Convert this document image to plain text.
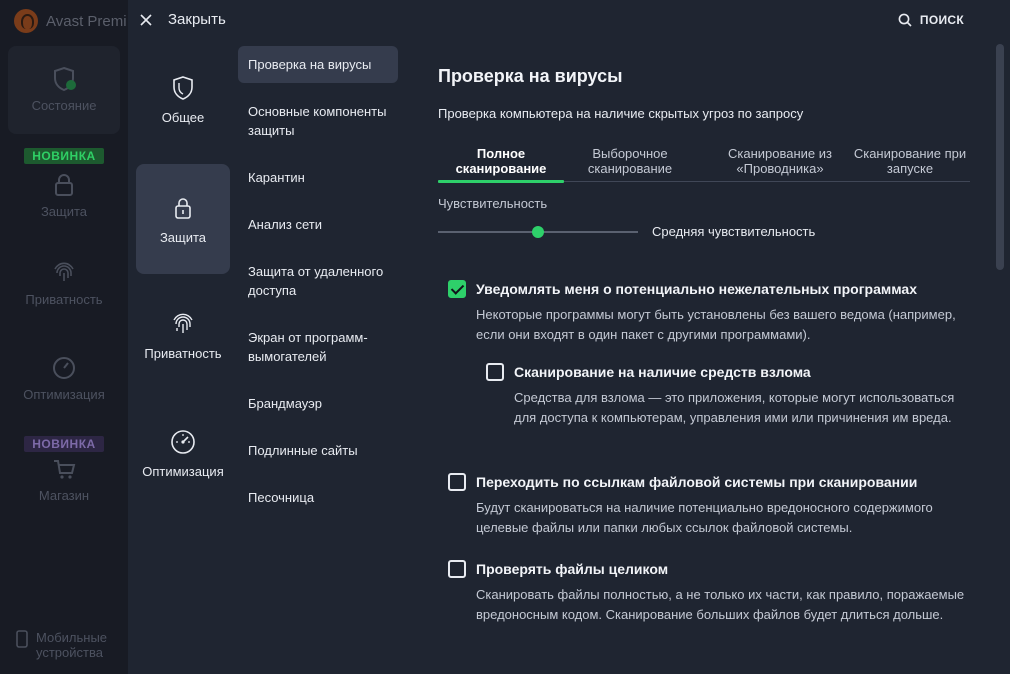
Avast Premi
Состояние
НОВИНКА
Защита
Приватность
Оптимизация
НОВИНКА
Магазин
Мобильные устройства
Закрыть	ПОИСК
Общее
Защита
Приватность
Оптимизация
Проверка на вирусы
Основные компоненты защиты
Карантин
Анализ сети
Защита от удаленного доступа
Экран от программ-вымогателей
Брандмауэр
Подлинные сайты
Песочница
Проверка на вирусы
Проверка компьютера на наличие скрытых угроз по запросу
Полное сканирование
Выборочное сканирование
Сканирование из «Проводника»
Сканирование при запуске
Чувствительность
Средняя чувствительность
Уведомлять меня о потенциально нежелательных программах
Некоторые программы могут быть установлены без вашего ведома (например, если они входят в один пакет с другими программами).
Сканирование на наличие средств взлома
Средства для взлома — это приложения, которые могут использоваться для доступа к компьютерам, управления ими или причинения им вреда.
Переходить по ссылкам файловой системы при сканировании
Будут сканироваться на наличие потенциально вредоносного содержимого целевые файлы или папки любых ссылок файловой системы.
Проверять файлы целиком
Сканировать файлы полностью, а не только их части, как правило, поражаемые вредоносным кодом. Сканирование больших файлов будет длиться дольше.
